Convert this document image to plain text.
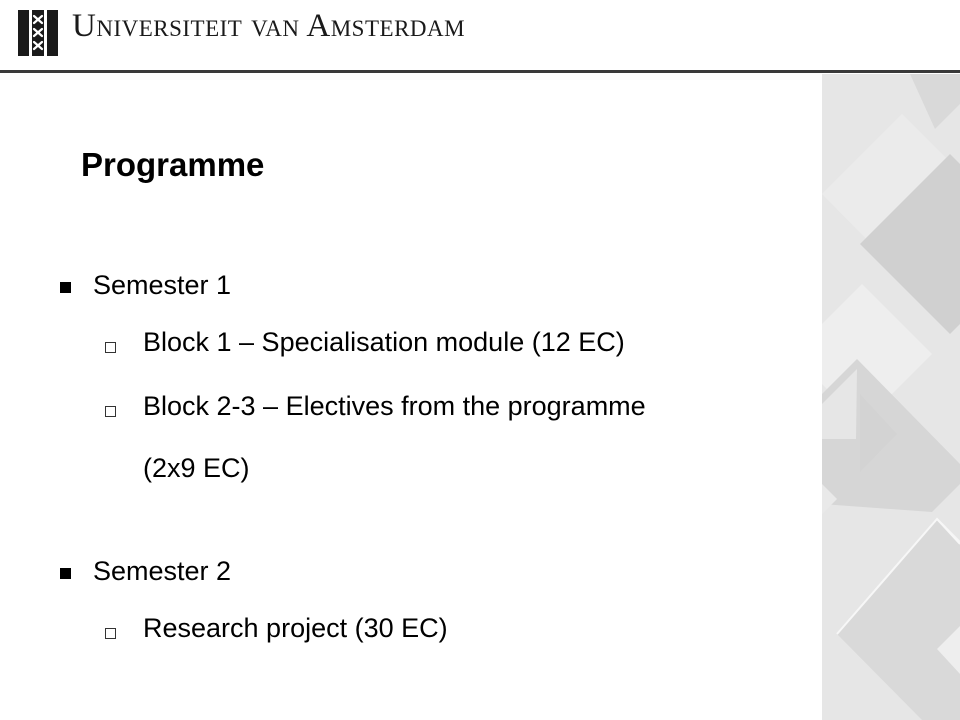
Universiteit van Amsterdam
Programme
Semester 1
Block 1 – Specialisation module (12 EC)
Block 2-3 – Electives from the programme
(2x9 EC)
Semester 2
Research project (30 EC)
